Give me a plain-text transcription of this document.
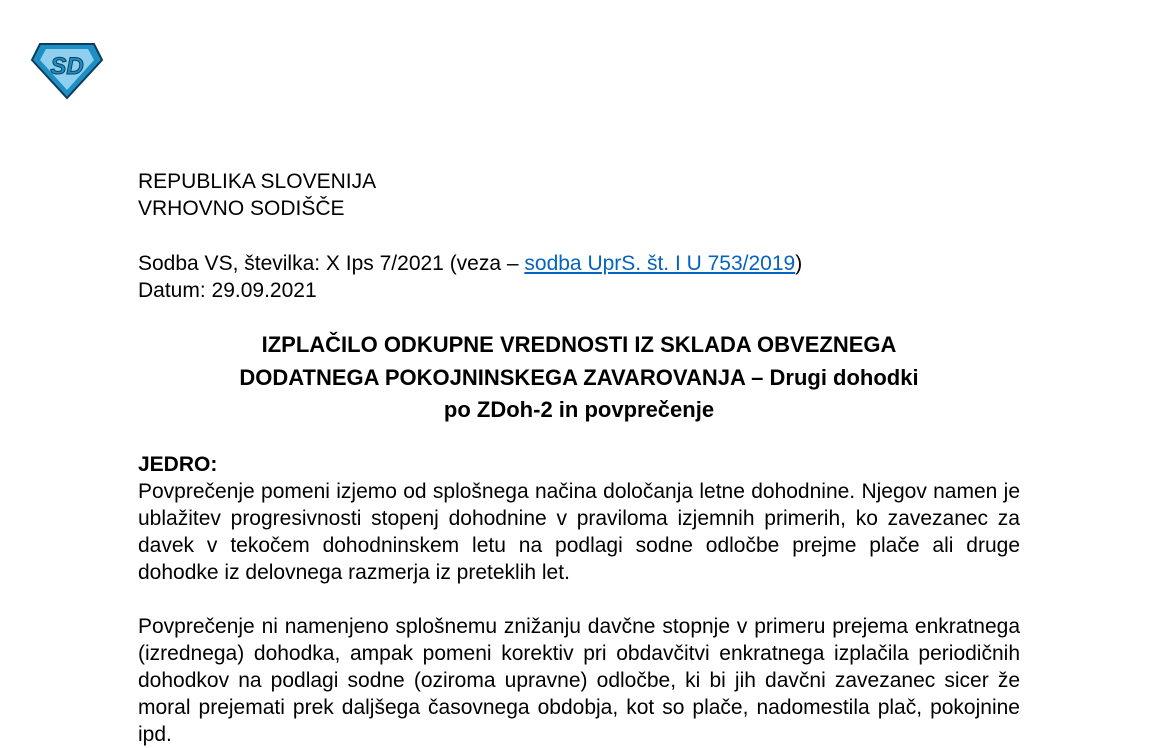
SD
REPUBLIKA SLOVENIJA
VRHOVNO SODIŠČE
Sodba VS, številka: X Ips 7/2021 (veza – sodba UprS. št. I U 753/2019)
Datum: 29.09.2021
IZPLAČILO ODKUPNE VREDNOSTI IZ SKLADA OBVEZNEGA
DODATNEGA POKOJNINSKEGA ZAVAROVANJA – Drugi dohodki
po ZDoh-2 in povprečenje
JEDRO:

Povprečenje pomeni izjemo od splošnega načina določanja letne dohodnine. Njegov namen je ublažitev progresivnosti stopenj dohodnine v praviloma izjemnih primerih, ko zavezanec za davek v tekočem dohodninskem letu na podlagi sodne odločbe prejme plače ali druge dohodke iz delovnega razmerja iz preteklih let.

Povprečenje ni namenjeno splošnemu znižanju davčne stopnje v primeru prejema enkratnega (izrednega) dohodka, ampak pomeni korektiv pri obdavčitvi enkratnega izplačila periodičnih dohodkov na podlagi sodne (oziroma upravne) odločbe, ki bi jih davčni zavezanec sicer že moral prejemati prek daljšega časovnega obdobja, kot so plače, nadomestila plač, pokojnine ipd.
